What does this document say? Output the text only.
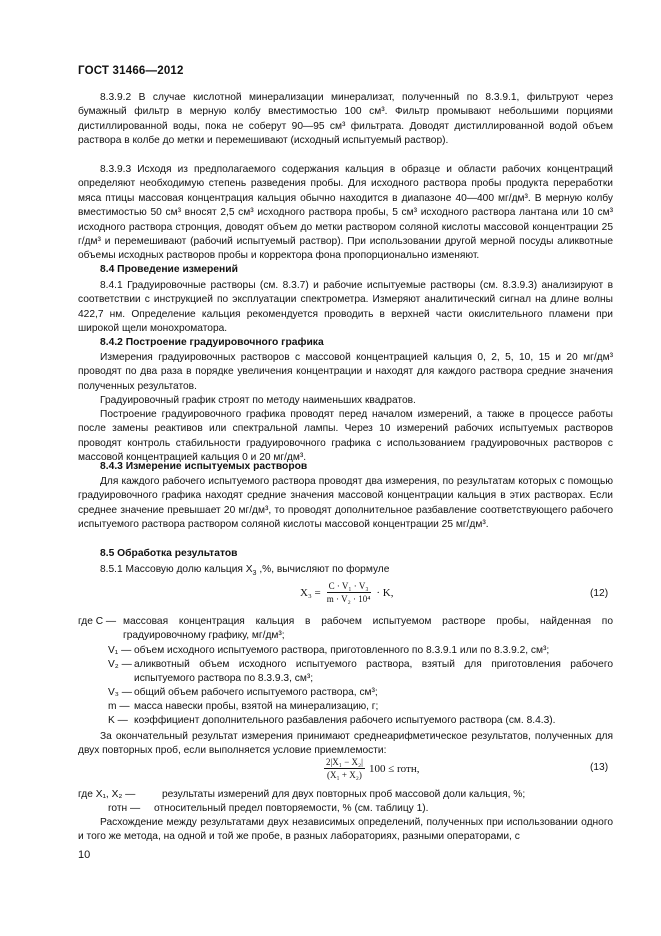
ГОСТ 31466—2012

8.3.9.2 В случае кислотной минерализации минерализат, полученный по 8.3.9.1, фильтруют через бумажный фильтр в мерную колбу вместимостью 100 см³. Фильтр промывают небольшими порциями дистиллированной воды, пока не соберут 90—95 см³ фильтрата. Доводят дистиллированной водой объем раствора в колбе до метки и перемешивают (исходный испытуемый раствор).

8.3.9.3 Исходя из предполагаемого содержания кальция в образце и области рабочих концентраций определяют необходимую степень разведения пробы. Для исходного раствора пробы продукта переработки мяса птицы массовая концентрация кальция обычно находится в диапазоне 40—400 мг/дм³. В мерную колбу вместимостью 50 см³ вносят 2,5 см³ исходного раствора пробы, 5 см³ исходного раствора лантана или 10 см³ исходного раствора стронция, доводят объем до метки раствором соляной кислоты массовой концентрации 25 г/дм³ и перемешивают (рабочий испытуемый раствор). При использовании другой мерной посуды аликвотные объемы исходных растворов пробы и корректора фона пропорционально изменяют.

8.4 Проведение измерений

8.4.1 Градуировочные растворы (см. 8.3.7) и рабочие испытуемые растворы (см. 8.3.9.3) анализируют в соответствии с инструкцией по эксплуатации спектрометра. Измеряют аналитический сигнал на длине волны 422,7 нм. Определение кальция рекомендуется проводить в верхней части окислительного пламени при широкой щели монохроматора.

8.4.2 Построение градуировочного графика

Измерения градуировочных растворов с массовой концентрацией кальция 0, 2, 5, 10, 15 и 20 мг/дм³ проводят по два раза в порядке увеличения концентрации и находят для каждого раствора средние значения полученных результатов.

Градуировочный график строят по методу наименьших квадратов.

Построение градуировочного графика проводят перед началом измерений, а также в процессе работы после замены реактивов или спектральной лампы. Через 10 измерений рабочих испытуемых растворов проводят контроль стабильности градуировочного графика с использованием градуировочных растворов с массовой концентрацией кальция 0 и 20 мг/дм³.

8.4.3 Измерение испытуемых растворов

Для каждого рабочего испытуемого раствора проводят два измерения, по результатам которых с помощью градуировочного графика находят средние значения массовой концентрации кальция в этих растворах. Если среднее значение превышает 20 мг/дм³, то проводят дополнительное разбавление соответствующего рабочего испытуемого раствора раствором соляной кислоты массовой концентрации 25 мг/дм³.

8.5 Обработка результатов

8.5.1 Массовую долю кальция $X_3$ ,%, вычисляют по формуле

$X_3 = \frac{\text{C · V₁ · V₃}}{\text{m · V₂ · 10⁴}} \cdot K$,	(12)
где C — массовая концентрация кальция в рабочем испытуемом растворе пробы, найденная по градуировочному графику, мг/дм³;
V₁ — объем исходного испытуемого раствора, приготовленного по 8.3.9.1 или по 8.3.9.2, см³;
V₂ — аликвотный объем исходного испытуемого раствора, взятый для приготовления рабочего испытуемого раствора по 8.3.9.3, см³;
V₃ — общий объем рабочего испытуемого раствора, см³;
m — масса навески пробы, взятой на минерализацию, г;
K — коэффициент дополнительного разбавления рабочего испытуемого раствора (см. 8.4.3).

За окончательный результат измерения принимают среднеарифметическое результатов, полученных для двух повторных проб, если выполняется условие приемлемости:

$\frac{\text{2|X₁ − X₂|}}{\text{(X₁ + X₂)}} 100$ ≤ rотн,	(13)
где X₁, X₂ —	результаты измерений для двух повторных проб массовой доли кальция, %;
rотн — относительный предел повторяемости, % (см. таблицу 1).

Расхождение между результатами двух независимых определений, полученных при использовании одного и того же метода, на одной и той же пробе, в разных лабораториях, разными операторами, с

10
